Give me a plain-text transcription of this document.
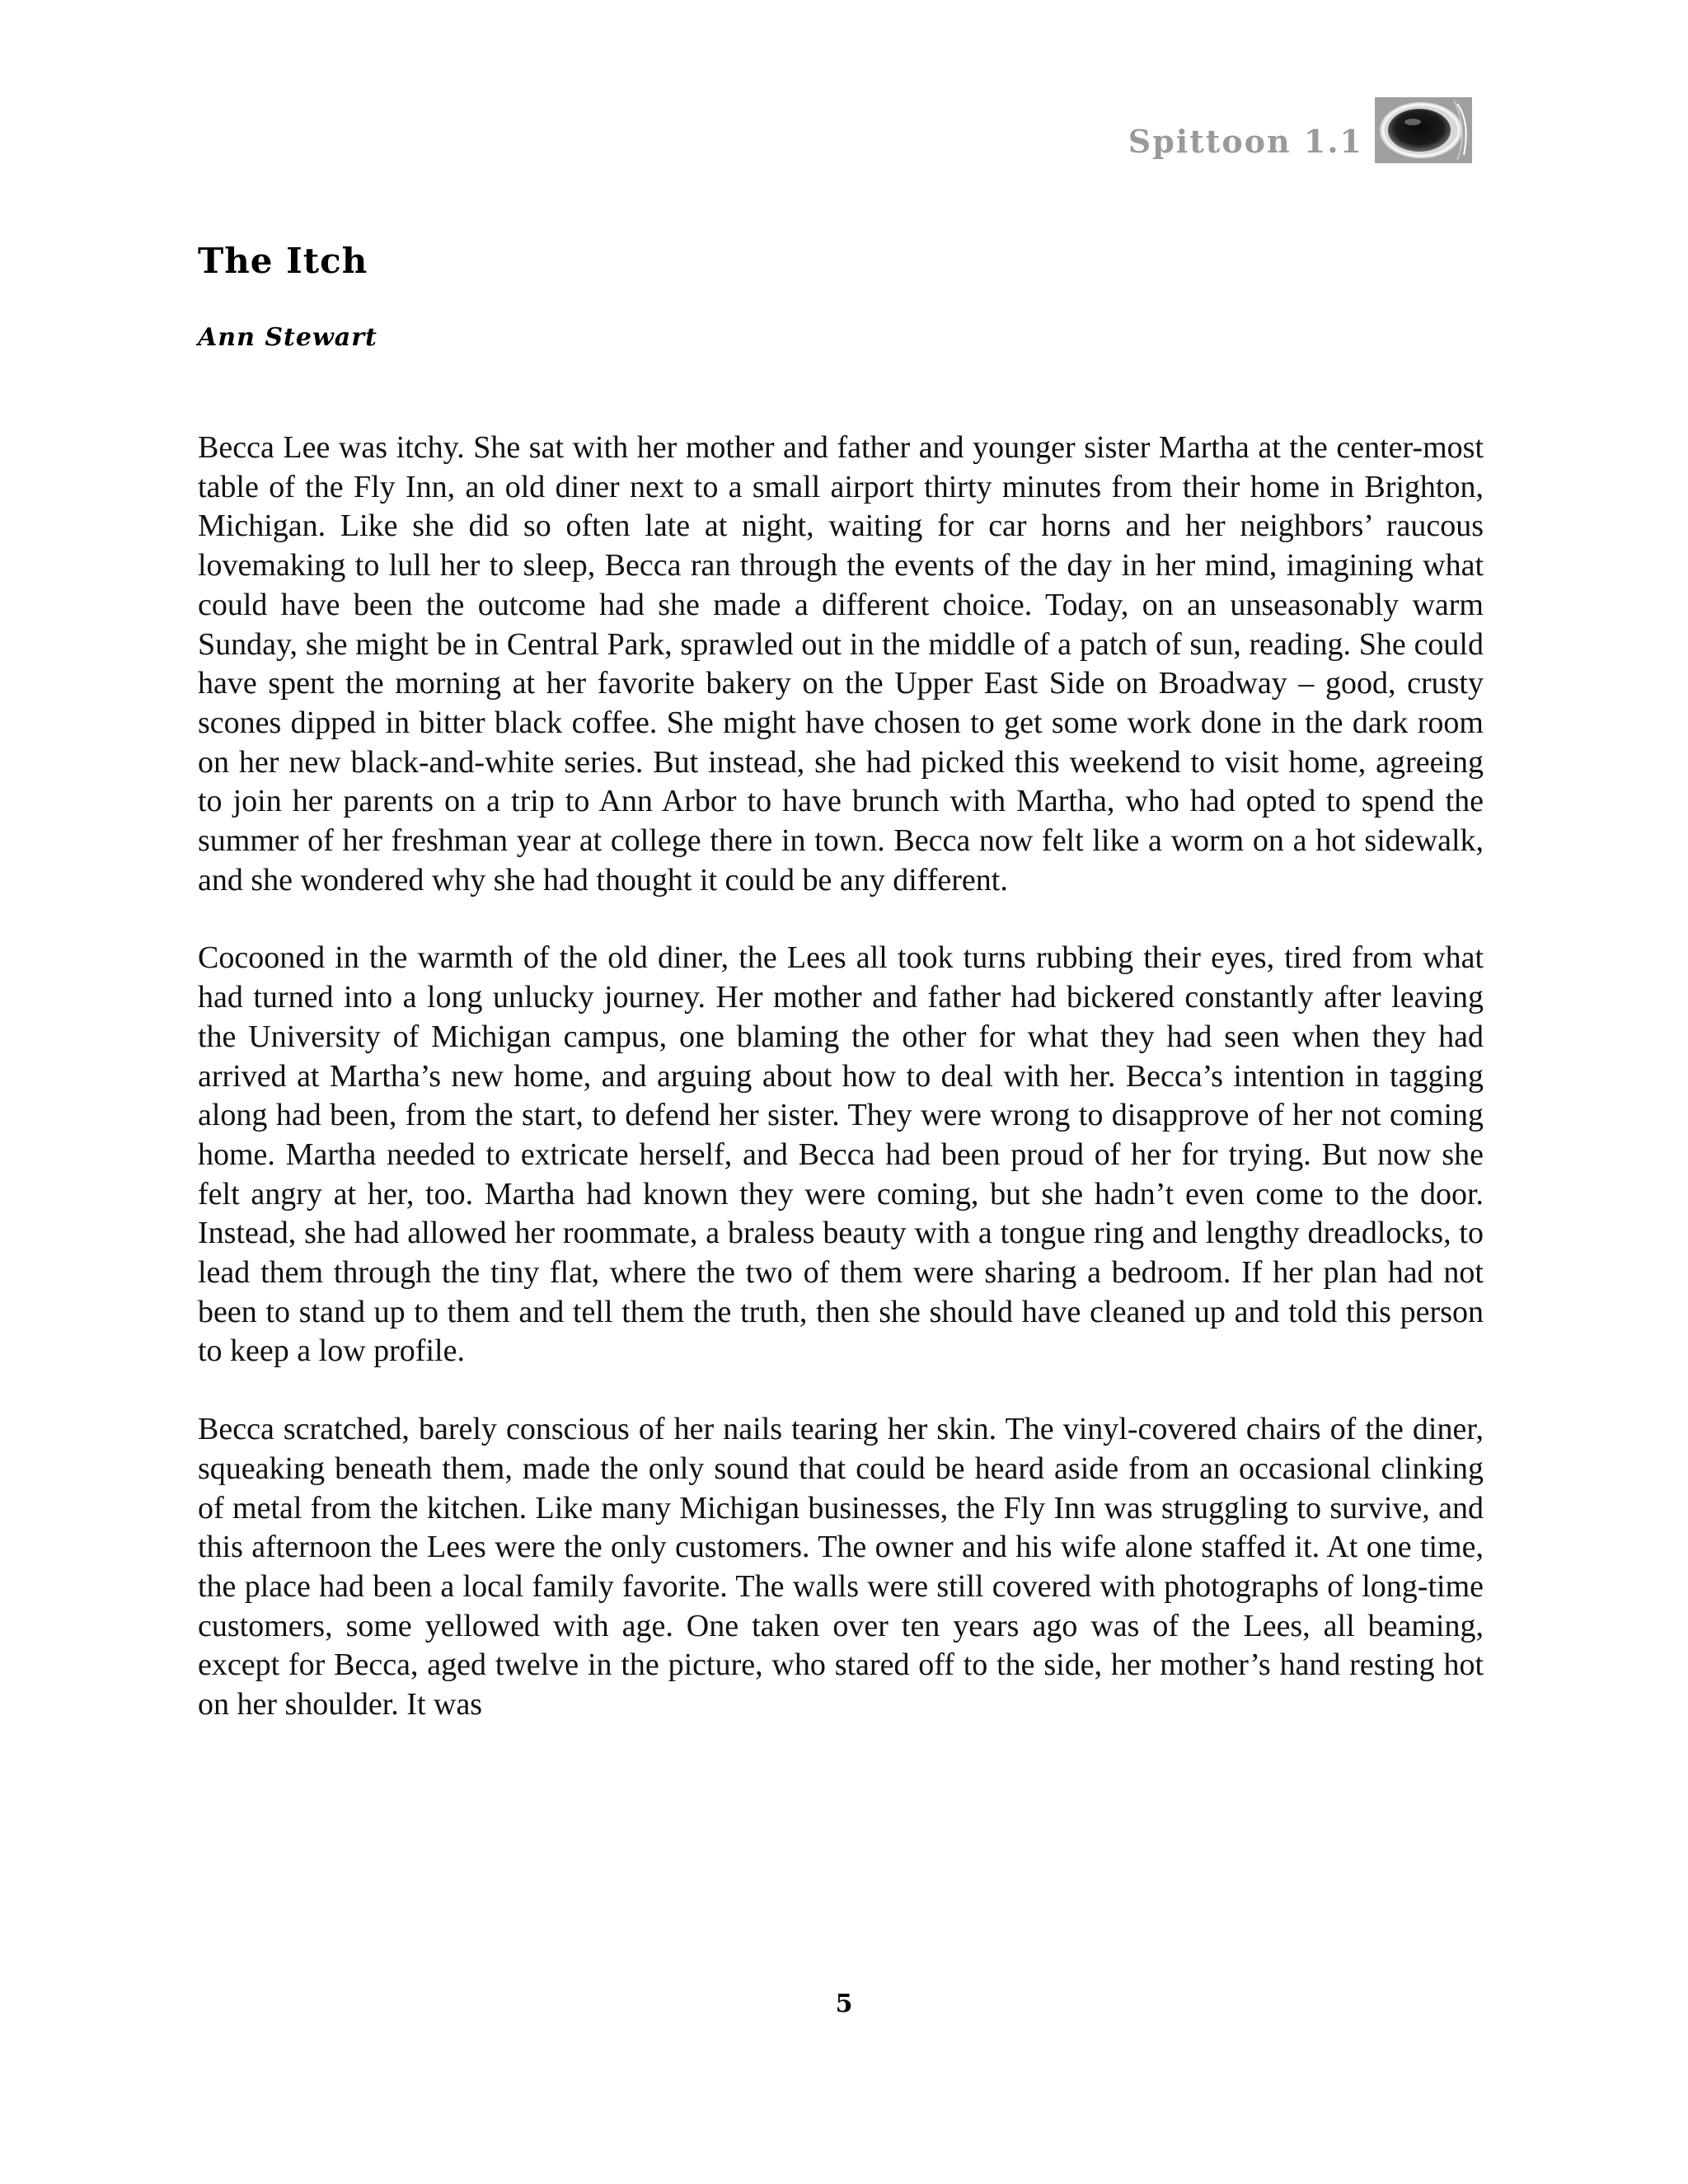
Spittoon 1.1
The Itch
Ann Stewart

Becca Lee was itchy. She sat with her mother and father and younger sister Martha at the center-most table of the Fly Inn, an old diner next to a small airport thirty minutes from their home in Brighton, Michigan. Like she did so often late at night, waiting for car horns and her neighbors’ raucous lovemaking to lull her to sleep, Becca ran through the events of the day in her mind, imagining what could have been the outcome had she made a different choice. Today, on an unseasonably warm Sunday, she might be in Central Park, sprawled out in the middle of a patch of sun, reading. She could have spent the morning at her favorite bakery on the Upper East Side on Broadway – good, crusty scones dipped in bitter black coffee. She might have chosen to get some work done in the dark room on her new black-and-white series. But instead, she had picked this weekend to visit home, agreeing to join her parents on a trip to Ann Arbor to have brunch with Martha, who had opted to spend the summer of her freshman year at college there in town. Becca now felt like a worm on a hot sidewalk, and she wondered why she had thought it could be any different.

Cocooned in the warmth of the old diner, the Lees all took turns rubbing their eyes, tired from what had turned into a long unlucky journey. Her mother and father had bickered constantly after leaving the University of Michigan campus, one blaming the other for what they had seen when they had arrived at Martha’s new home, and arguing about how to deal with her. Becca’s intention in tagging along had been, from the start, to defend her sister. They were wrong to disapprove of her not coming home. Martha needed to extricate herself, and Becca had been proud of her for trying. But now she felt angry at her, too. Martha had known they were coming, but she hadn’t even come to the door. Instead, she had allowed her roommate, a braless beauty with a tongue ring and lengthy dreadlocks, to lead them through the tiny flat, where the two of them were sharing a bedroom. If her plan had not been to stand up to them and tell them the truth, then she should have cleaned up and told this person to keep a low profile.

Becca scratched, barely conscious of her nails tearing her skin. The vinyl-covered chairs of the diner, squeaking beneath them, made the only sound that could be heard aside from an occasional clinking of metal from the kitchen. Like many Michigan businesses, the Fly Inn was struggling to survive, and this afternoon the Lees were the only customers. The owner and his wife alone staffed it. At one time, the place had been a local family favorite. The walls were still covered with photographs of long-time customers, some yellowed with age. One taken over ten years ago was of the Lees, all beaming, except for Becca, aged twelve in the picture, who stared off to the side, her mother’s hand resting hot on her shoulder. It was

5
